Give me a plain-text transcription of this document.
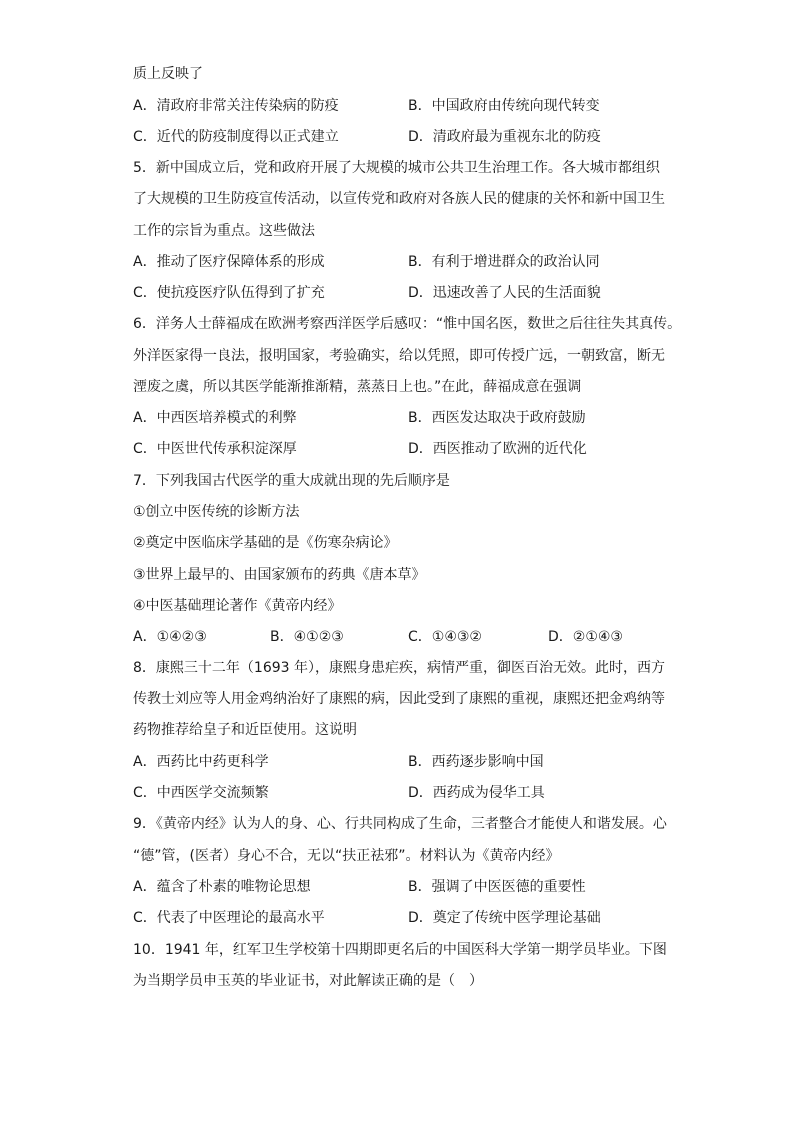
质上反映了
A．清政府非常关注传染病的防疫	B．中国政府由传统向现代转变
C．近代的防疫制度得以正式建立	D．清政府最为重视东北的防疫
5．新中国成立后，党和政府开展了大规模的城市公共卫生治理工作。各大城市都组织
了大规模的卫生防疫宣传活动，以宣传党和政府对各族人民的健康的关怀和新中国卫生
工作的宗旨为重点。这些做法
A．推动了医疗保障体系的形成	B．有利于增进群众的政治认同
C．使抗疫医疗队伍得到了扩充	D．迅速改善了人民的生活面貌
6．洋务人士薛福成在欧洲考察西洋医学后感叹：“惟中国名医，数世之后往往失其真传。
外洋医家得一良法，报明国家，考验确实，给以凭照，即可传授广远，一朝致富，断无
湮废之虞，所以其医学能渐推渐精，蒸蒸日上也。”在此，薛福成意在强调
A．中西医培养模式的利弊	B．西医发达取决于政府鼓励
C．中医世代传承积淀深厚	D．西医推动了欧洲的近代化
7．下列我国古代医学的重大成就出现的先后顺序是
①创立中医传统的诊断方法
②奠定中医临床学基础的是《伤寒杂病论》
③世界上最早的、由国家颁布的药典《唐本草》
④中医基础理论著作《黄帝内经》
A．①④②③	B．④①②③	C．①④③②	D．②①④③
8．康熙三十二年（1693 年），康熙身患疟疾，病情严重，御医百治无效。此时，西方
传教士刘应等人用金鸡纳治好了康熙的病，因此受到了康熙的重视，康熙还把金鸡纳等
药物推荐给皇子和近臣使用。这说明
A．西药比中药更科学	B．西药逐步影响中国
C．中西医学交流频繁	D．西药成为侵华工具
9．《黄帝内经》认为人的身、心、行共同构成了生命，三者整合才能使人和谐发展。心
“德”管，(医者）身心不合，无以“扶正祛邪”。材料认为《黄帝内经》
A．蕴含了朴素的唯物论思想	B．强调了中医医德的重要性
C．代表了中医理论的最高水平	D．奠定了传统中医学理论基础
10．1941 年，红军卫生学校第十四期即更名后的中国医科大学第一期学员毕业。下图
为当期学员申玉英的毕业证书，对此解读正确的是（　）
